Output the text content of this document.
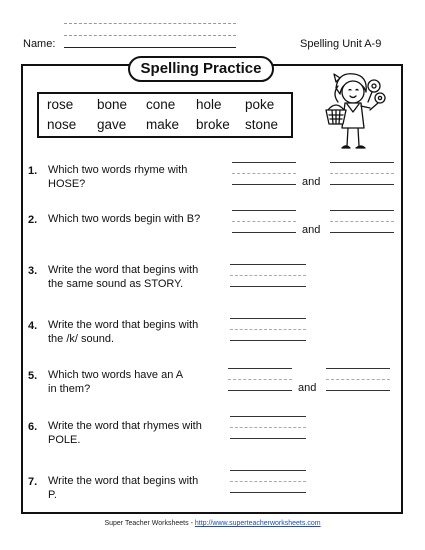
Name:	Spelling Unit A-9
Spelling Practice
rose bone cone hole poke
nose gave make broke stone
1. Which two words rhyme with
HOSE?	and
2. Which two words begin with B?
and
3. Write the word that begins with
the same sound as STORY.
4. Write the word that begins with
the /k/ sound.
5. Which two words have an A
in them?	and
6. Write the word that rhymes with
POLE.
7. Write the word that begins with
P.
Super Teacher Worksheets - http://www.superteacherworksheets.com
